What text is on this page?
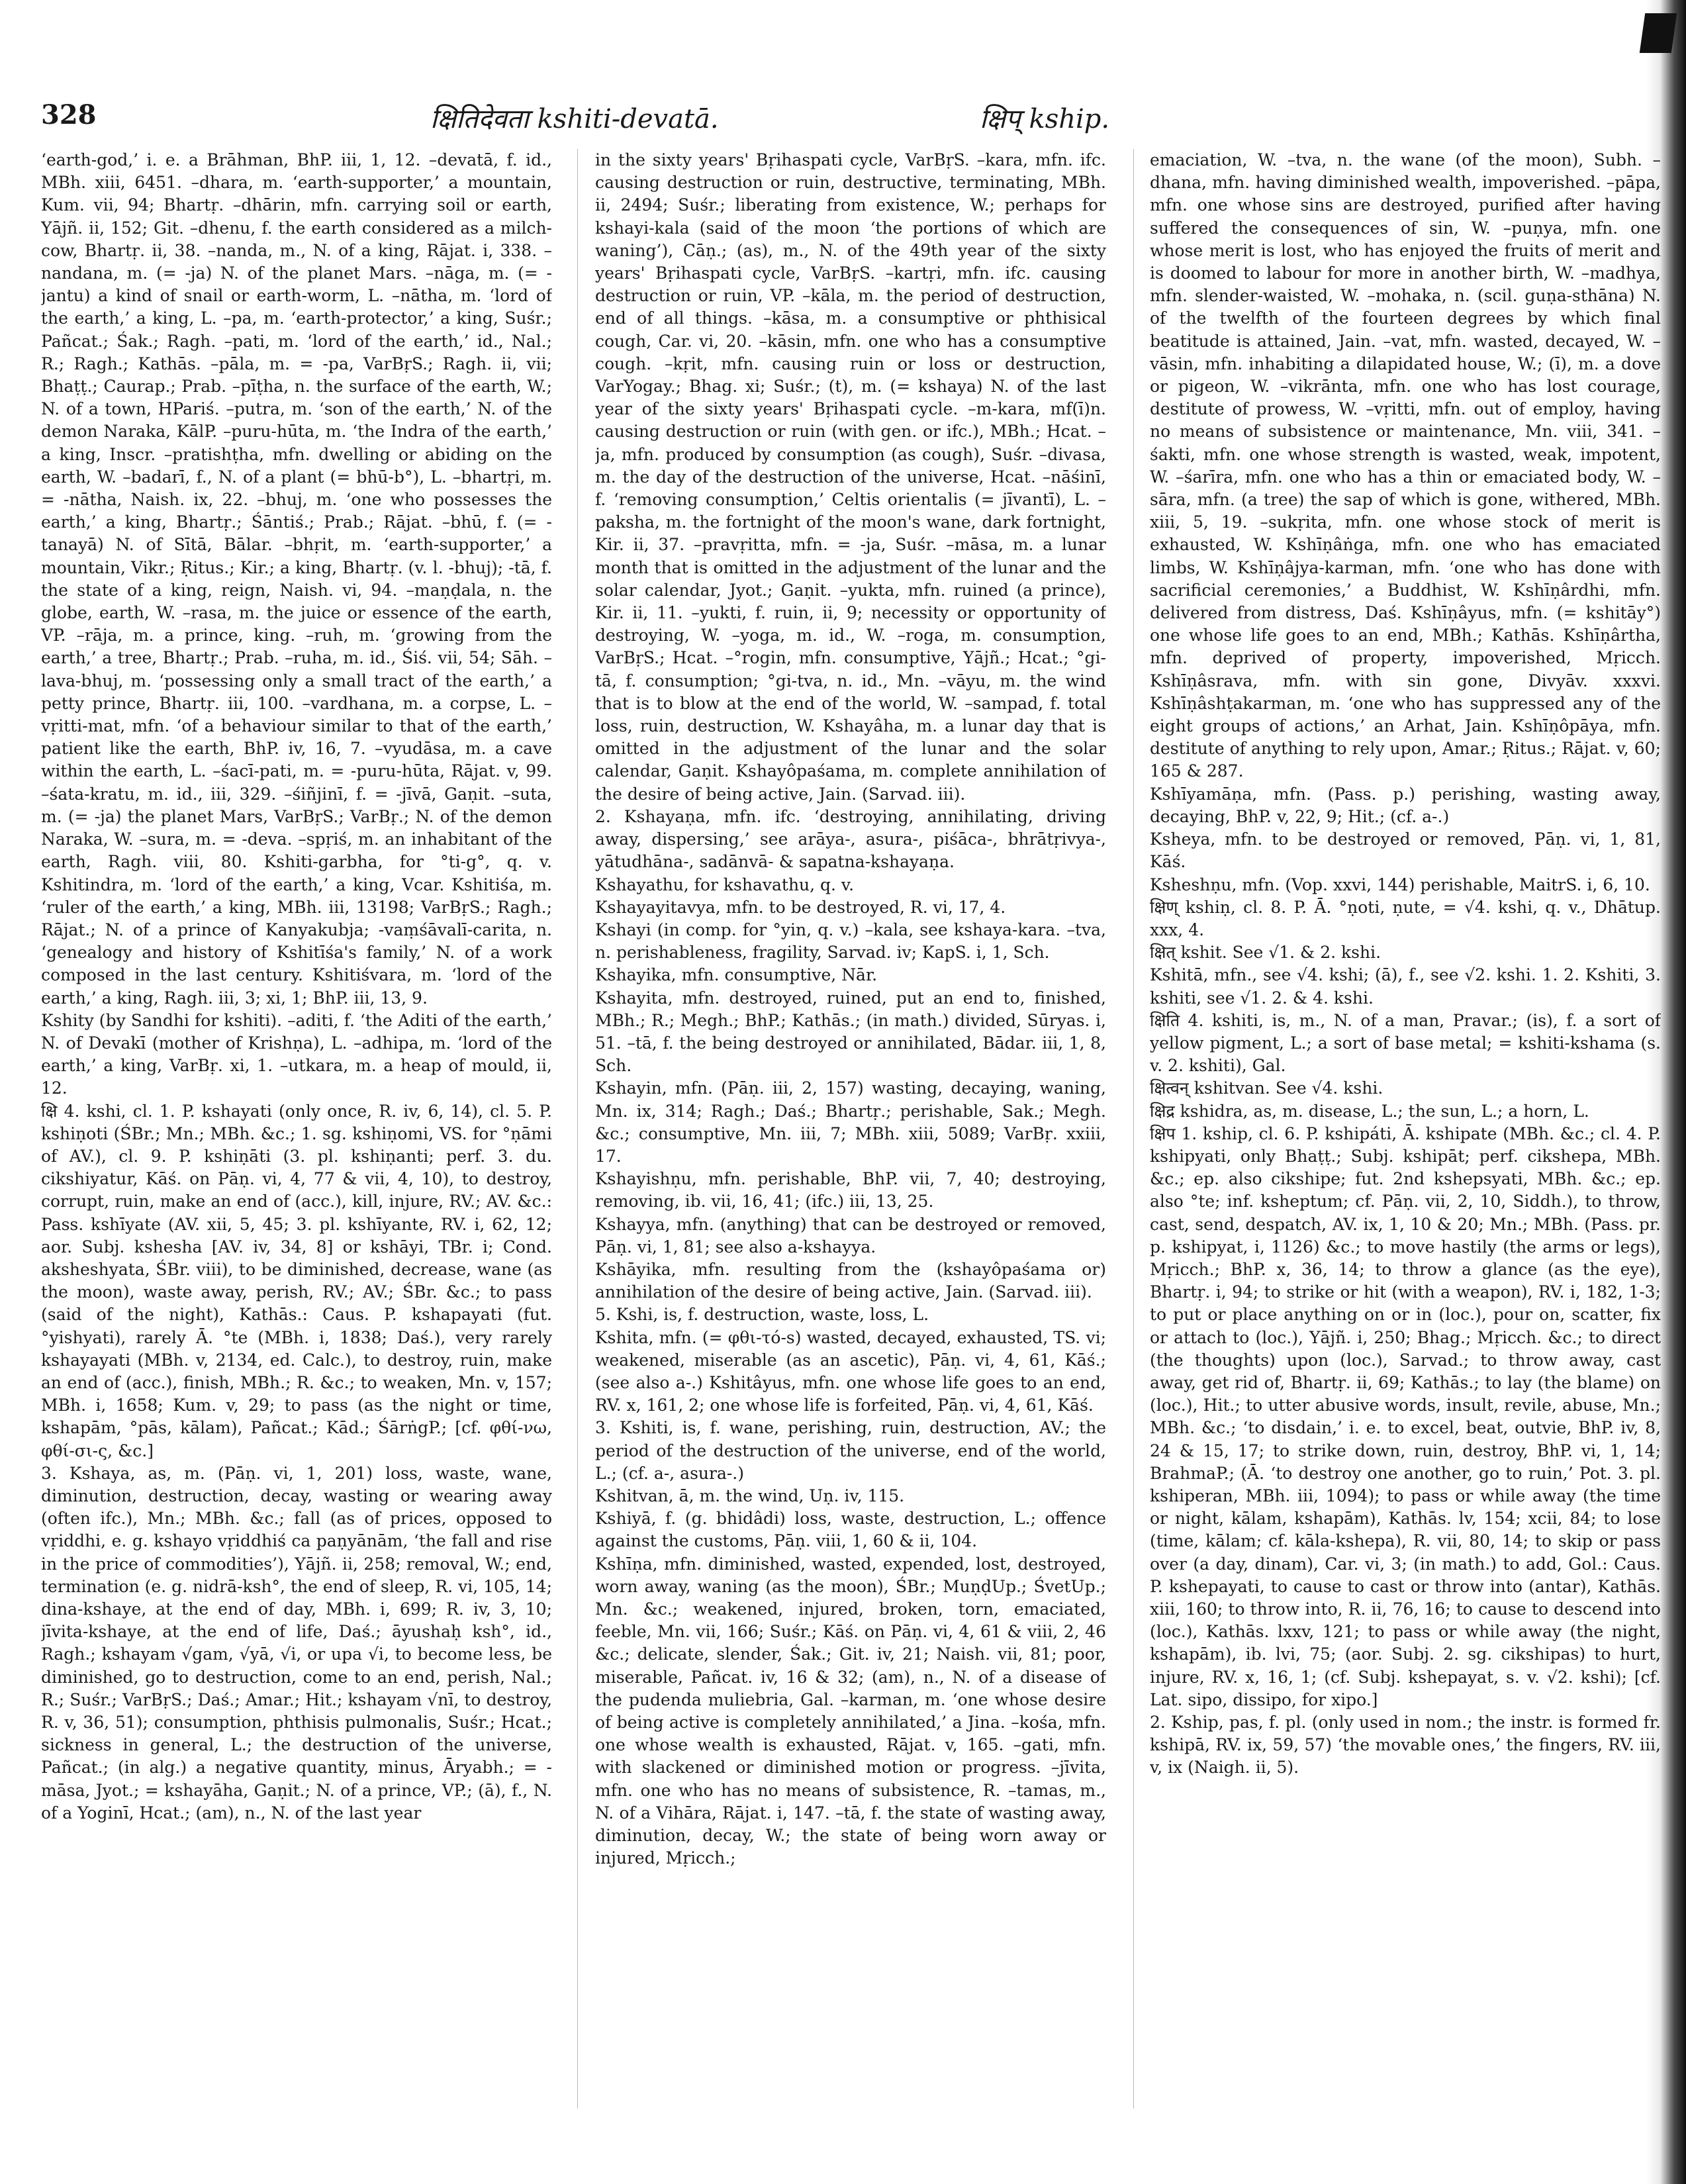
328	क्षितिदेवता kshiti-devatā.	क्षिप् kship.
‘earth-god,’ i. e. a Brāhman, BhP. iii, 1, 12. –devatā, f. id., MBh. xiii, 6451. –dhara, m. ‘earth-supporter,’ a mountain, Kum. vii, 94; Bhartṛ. –dhārin, mfn. carrying soil or earth, Yājñ. ii, 152; Git. –dhenu, f. the earth considered as a milch-cow, Bhartṛ. ii, 38. –nanda, m., N. of a king, Rājat. i, 338. –nandana, m. (= -ja) N. of the planet Mars. –nāga, m. (= -jantu) a kind of snail or earth-worm, L. –nātha, m. ‘lord of the earth,’ a king, L. –pa, m. ‘earth-protector,’ a king, Suśr.; Pañcat.; Śak.; Ragh. –pati, m. ‘lord of the earth,’ id., Nal.; R.; Ragh.; Kathās. –pāla, m. = -pa, VarBṛS.; Ragh. ii, vii; Bhaṭṭ.; Caurap.; Prab. –pīṭha, n. the surface of the earth, W.; N. of a town, HPariś. –putra, m. ‘son of the earth,’ N. of the demon Naraka, KālP. –puru-hūta, m. ‘the Indra of the earth,’ a king, Inscr. –pratishṭha, mfn. dwelling or abiding on the earth, W. –badarī, f., N. of a plant (= bhū-b°), L. –bhartṛi, m. = -nātha, Naish. ix, 22. –bhuj, m. ‘one who possesses the earth,’ a king, Bhartṛ.; Śāntiś.; Prab.; Rājat. –bhū, f. (= -tanayā) N. of Sītā, Bālar. –bhṛit, m. ‘earth-supporter,’ a mountain, Vikr.; Ṛitus.; Kir.; a king, Bhartṛ. (v. l. -bhuj); -tā, f. the state of a king, reign, Naish. vi, 94. –maṇḍala, n. the globe, earth, W. –rasa, m. the juice or essence of the earth, VP. –rāja, m. a prince, king. –ruh, m. ‘growing from the earth,’ a tree, Bhartṛ.; Prab. –ruha, m. id., Śiś. vii, 54; Sāh. –lava-bhuj, m. ‘possessing only a small tract of the earth,’ a petty prince, Bhartṛ. iii, 100. –vardhana, m. a corpse, L. –vṛitti-mat, mfn. ‘of a behaviour similar to that of the earth,’ patient like the earth, BhP. iv, 16, 7. –vyudāsa, m. a cave within the earth, L. –śacī-pati, m. = -puru-hūta, Rājat. v, 99. –śata-kratu, m. id., iii, 329. –śiñjinī, f. = -jīvā, Gaṇit. –suta, m. (= -ja) the planet Mars, VarBṛS.; VarBṛ.; N. of the demon Naraka, W. –sura, m. = -deva. –spṛiś, m. an inhabitant of the earth, Ragh. viii, 80. Kshiti-garbha, for °ti-g°, q. v. Kshitindra, m. ‘lord of the earth,’ a king, Vcar. Kshitiśa, m. ‘ruler of the earth,’ a king, MBh. iii, 13198; VarBṛS.; Ragh.; Rājat.; N. of a prince of Kanyakubja; -vaṃśāvalī-carita, n. ‘genealogy and history of Kshitīśa's family,’ N. of a work composed in the last century. Kshitiśvara, m. ‘lord of the earth,’ a king, Ragh. iii, 3; xi, 1; BhP. iii, 13, 9.
Kshity (by Sandhi for kshiti). –aditi, f. ‘the Aditi of the earth,’ N. of Devakī (mother of Krishṇa), L. –adhipa, m. ‘lord of the earth,’ a king, VarBṛ. xi, 1. –utkara, m. a heap of mould, ii, 12.
क्षि 4. kshi, cl. 1. P. kshayati (only once, R. iv, 6, 14), cl. 5. P. kshiṇoti (ŚBr.; Mn.; MBh. &c.; 1. sg. kshiṇomi, VS. for °ṇāmi of AV.), cl. 9. P. kshiṇāti (3. pl. kshiṇanti; perf. 3. du. cikshiyatur, Kāś. on Pāṇ. vi, 4, 77 & vii, 4, 10), to destroy, corrupt, ruin, make an end of (acc.), kill, injure, RV.; AV. &c.: Pass. kshīyate (AV. xii, 5, 45; 3. pl. kshīyante, RV. i, 62, 12; aor. Subj. kshesha [AV. iv, 34, 8] or kshāyi, TBr. i; Cond. aksheshyata, ŚBr. viii), to be diminished, decrease, wane (as the moon), waste away, perish, RV.; AV.; ŚBr. &c.; to pass (said of the night), Kathās.: Caus. P. kshapayati (fut. °yishyati), rarely Ā. °te (MBh. i, 1838; Daś.), very rarely kshayayati (MBh. v, 2134, ed. Calc.), to destroy, ruin, make an end of (acc.), finish, MBh.; R. &c.; to weaken, Mn. v, 157; MBh. i, 1658; Kum. v, 29; to pass (as the night or time, kshapām, °pās, kālam), Pañcat.; Kād.; ŚārṅgP.; [cf. φθί-νω, φθί-σι-ς, &c.]
3. Kshaya, as, m. (Pāṇ. vi, 1, 201) loss, waste, wane, diminution, destruction, decay, wasting or wearing away (often ifc.), Mn.; MBh. &c.; fall (as of prices, opposed to vṛiddhi, e. g. kshayo vṛiddhiś ca paṇyānām, ‘the fall and rise in the price of commodities’), Yājñ. ii, 258; removal, W.; end, termination (e. g. nidrā-ksh°, the end of sleep, R. vi, 105, 14; dina-kshaye, at the end of day, MBh. i, 699; R. iv, 3, 10; jīvita-kshaye, at the end of life, Daś.; āyushaḥ ksh°, id., Ragh.; kshayam √gam, √yā, √i, or upa √i, to become less, be diminished, go to destruction, come to an end, perish, Nal.; R.; Suśr.; VarBṛS.; Daś.; Amar.; Hit.; kshayam √nī, to destroy, R. v, 36, 51); consumption, phthisis pulmonalis, Suśr.; Hcat.; sickness in general, L.; the destruction of the universe, Pañcat.; (in alg.) a negative quantity, minus, Āryabh.; = -māsa, Jyot.; = kshayāha, Gaṇit.; N. of a prince, VP.; (ā), f., N. of a Yoginī, Hcat.; (am), n., N. of the last year
in the sixty years' Bṛihaspati cycle, VarBṛS. –kara, mfn. ifc. causing destruction or ruin, destructive, terminating, MBh. ii, 2494; Suśr.; liberating from existence, W.; perhaps for kshayi-kala (said of the moon ‘the portions of which are waning’), Cāṇ.; (as), m., N. of the 49th year of the sixty years' Bṛihaspati cycle, VarBṛS. –kartṛi, mfn. ifc. causing destruction or ruin, VP. –kāla, m. the period of destruction, end of all things. –kāsa, m. a consumptive or phthisical cough, Car. vi, 20. –kāsin, mfn. one who has a consumptive cough. –kṛit, mfn. causing ruin or loss or destruction, VarYogay.; Bhag. xi; Suśr.; (t), m. (= kshaya) N. of the last year of the sixty years' Bṛihaspati cycle. –m-kara, mf(ī)n. causing destruction or ruin (with gen. or ifc.), MBh.; Hcat. –ja, mfn. produced by consumption (as cough), Suśr. –divasa, m. the day of the destruction of the universe, Hcat. –nāśinī, f. ‘removing consumption,’ Celtis orientalis (= jīvantī), L. –paksha, m. the fortnight of the moon's wane, dark fortnight, Kir. ii, 37. –pravṛitta, mfn. = -ja, Suśr. –māsa, m. a lunar month that is omitted in the adjustment of the lunar and the solar calendar, Jyot.; Gaṇit. –yukta, mfn. ruined (a prince), Kir. ii, 11. –yukti, f. ruin, ii, 9; necessity or opportunity of destroying, W. –yoga, m. id., W. –roga, m. consumption, VarBṛS.; Hcat. –°rogin, mfn. consumptive, Yājñ.; Hcat.; °gi-tā, f. consumption; °gi-tva, n. id., Mn. –vāyu, m. the wind that is to blow at the end of the world, W. –sampad, f. total loss, ruin, destruction, W. Kshayâha, m. a lunar day that is omitted in the adjustment of the lunar and the solar calendar, Gaṇit. Kshayôpaśama, m. complete annihilation of the desire of being active, Jain. (Sarvad. iii).
2. Kshayaṇa, mfn. ifc. ‘destroying, annihilating, driving away, dispersing,’ see arāya-, asura-, piśāca-, bhrātṛivya-, yātudhāna-, sadānvā- & sapatna-kshayaṇa.
Kshayathu, for kshavathu, q. v.
Kshayayitavya, mfn. to be destroyed, R. vi, 17, 4.
Kshayi (in comp. for °yin, q. v.) –kala, see kshaya-kara. –tva, n. perishableness, fragility, Sarvad. iv; KapS. i, 1, Sch.
Kshayika, mfn. consumptive, Nār.
Kshayita, mfn. destroyed, ruined, put an end to, finished, MBh.; R.; Megh.; BhP.; Kathās.; (in math.) divided, Sūryas. i, 51. –tā, f. the being destroyed or annihilated, Bādar. iii, 1, 8, Sch.
Kshayin, mfn. (Pāṇ. iii, 2, 157) wasting, decaying, waning, Mn. ix, 314; Ragh.; Daś.; Bhartṛ.; perishable, Sak.; Megh. &c.; consumptive, Mn. iii, 7; MBh. xiii, 5089; VarBṛ. xxiii, 17.
Kshayishṇu, mfn. perishable, BhP. vii, 7, 40; destroying, removing, ib. vii, 16, 41; (ifc.) iii, 13, 25.
Kshayya, mfn. (anything) that can be destroyed or removed, Pāṇ. vi, 1, 81; see also a-kshayya.
Kshāyika, mfn. resulting from the (kshayôpaśama or) annihilation of the desire of being active, Jain. (Sarvad. iii).
5. Kshi, is, f. destruction, waste, loss, L.
Kshita, mfn. (= φθι-τό-s) wasted, decayed, exhausted, TS. vi; weakened, miserable (as an ascetic), Pāṇ. vi, 4, 61, Kāś.; (see also a-.) Kshitâyus, mfn. one whose life goes to an end, RV. x, 161, 2; one whose life is forfeited, Pāṇ. vi, 4, 61, Kāś.
3. Kshiti, is, f. wane, perishing, ruin, destruction, AV.; the period of the destruction of the universe, end of the world, L.; (cf. a-, asura-.)
Kshitvan, ā, m. the wind, Uṇ. iv, 115.
Kshiyā, f. (g. bhidâdi) loss, waste, destruction, L.; offence against the customs, Pāṇ. viii, 1, 60 & ii, 104.
Kshīṇa, mfn. diminished, wasted, expended, lost, destroyed, worn away, waning (as the moon), ŚBr.; MuṇḍUp.; ŚvetUp.; Mn. &c.; weakened, injured, broken, torn, emaciated, feeble, Mn. vii, 166; Suśr.; Kāś. on Pāṇ. vi, 4, 61 & viii, 2, 46 &c.; delicate, slender, Śak.; Git. iv, 21; Naish. vii, 81; poor, miserable, Pañcat. iv, 16 & 32; (am), n., N. of a disease of the pudenda muliebria, Gal. –karman, m. ‘one whose desire of being active is completely annihilated,’ a Jina. –kośa, mfn. one whose wealth is exhausted, Rājat. v, 165. –gati, mfn. with slackened or diminished motion or progress. –jīvita, mfn. one who has no means of subsistence, R. –tamas, m., N. of a Vihāra, Rājat. i, 147. –tā, f. the state of wasting away, diminution, decay, W.; the state of being worn away or injured, Mṛicch.;
emaciation, W. –tva, n. the wane (of the moon), Subh. –dhana, mfn. having diminished wealth, impoverished. –pāpa, mfn. one whose sins are destroyed, purified after having suffered the consequences of sin, W. –puṇya, mfn. one whose merit is lost, who has enjoyed the fruits of merit and is doomed to labour for more in another birth, W. –madhya, mfn. slender-waisted, W. –mohaka, n. (scil. guṇa-sthāna) N. of the twelfth of the fourteen degrees by which final beatitude is attained, Jain. –vat, mfn. wasted, decayed, W. –vāsin, mfn. inhabiting a dilapidated house, W.; (ī), m. a dove or pigeon, W. –vikrānta, mfn. one who has lost courage, destitute of prowess, W. –vṛitti, mfn. out of employ, having no means of subsistence or maintenance, Mn. viii, 341. –śakti, mfn. one whose strength is wasted, weak, impotent, W. –śarīra, mfn. one who has a thin or emaciated body, W. –sāra, mfn. (a tree) the sap of which is gone, withered, MBh. xiii, 5, 19. –sukṛita, mfn. one whose stock of merit is exhausted, W. Kshīṇâṅga, mfn. one who has emaciated limbs, W. Kshīṇâjya-karman, mfn. ‘one who has done with sacrificial ceremonies,’ a Buddhist, W. Kshīṇârdhi, mfn. delivered from distress, Daś. Kshīṇâyus, mfn. (= kshitāy°) one whose life goes to an end, MBh.; Kathās. Kshīṇârtha, mfn. deprived of property, impoverished, Mṛicch. Kshīṇâsrava, mfn. with sin gone, Divyāv. xxxvi. Kshīṇâshṭakarman, m. ‘one who has suppressed any of the eight groups of actions,’ an Arhat, Jain. Kshīṇôpāya, mfn. destitute of anything to rely upon, Amar.; Ṛitus.; Rājat. v, 60; 165 & 287.
Kshīyamāṇa, mfn. (Pass. p.) perishing, wasting away, decaying, BhP. v, 22, 9; Hit.; (cf. a-.)
Ksheya, mfn. to be destroyed or removed, Pāṇ. vi, 1, 81, Kāś.
Ksheshṇu, mfn. (Vop. xxvi, 144) perishable, MaitrS. i, 6, 10.
क्षिण् kshiṇ, cl. 8. P. Ā. °ṇoti, ṇute, = √4. kshi, q. v., Dhātup. xxx, 4.
क्षित् kshit. See √1. & 2. kshi.
Kshitā, mfn., see √4. kshi; (ā), f., see √2. kshi. 1. 2. Kshiti, 3. kshiti, see √1. 2. & 4. kshi.
क्षिति 4. kshiti, is, m., N. of a man, Pravar.; (is), f. a sort of yellow pigment, L.; a sort of base metal; = kshiti-kshama (s. v. 2. kshiti), Gal.
क्षित्वन् kshitvan. See √4. kshi.
क्षिद्र kshidra, as, m. disease, L.; the sun, L.; a horn, L.
क्षिप 1. kship, cl. 6. P. kshipáti, Ā. kshipate (MBh. &c.; cl. 4. P. kshipyati, only Bhaṭṭ.; Subj. kshipāt; perf. cikshepa, MBh. &c.; ep. also cikshipe; fut. 2nd kshepsyati, MBh. &c.; ep. also °te; inf. ksheptum; cf. Pāṇ. vii, 2, 10, Siddh.), to throw, cast, send, despatch, AV. ix, 1, 10 & 20; Mn.; MBh. (Pass. pr. p. kshipyat, i, 1126) &c.; to move hastily (the arms or legs), Mṛicch.; BhP. x, 36, 14; to throw a glance (as the eye), Bhartṛ. i, 94; to strike or hit (with a weapon), RV. i, 182, 1-3; to put or place anything on or in (loc.), pour on, scatter, fix or attach to (loc.), Yājñ. i, 250; Bhag.; Mṛicch. &c.; to direct (the thoughts) upon (loc.), Sarvad.; to throw away, cast away, get rid of, Bhartṛ. ii, 69; Kathās.; to lay (the blame) on (loc.), Hit.; to utter abusive words, insult, revile, abuse, Mn.; MBh. &c.; ‘to disdain,’ i. e. to excel, beat, outvie, BhP. iv, 8, 24 & 15, 17; to strike down, ruin, destroy, BhP. vi, 1, 14; BrahmaP.; (Ā. ‘to destroy one another, go to ruin,’ Pot. 3. pl. kshiperan, MBh. iii, 1094); to pass or while away (the time or night, kālam, kshapām), Kathās. lv, 154; xcii, 84; to lose (time, kālam; cf. kāla-kshepa), R. vii, 80, 14; to skip or pass over (a day, dinam), Car. vi, 3; (in math.) to add, Gol.: Caus. P. kshepayati, to cause to cast or throw into (antar), Kathās. xiii, 160; to throw into, R. ii, 76, 16; to cause to descend into (loc.), Kathās. lxxv, 121; to pass or while away (the night, kshapām), ib. lvi, 75; (aor. Subj. 2. sg. cikshipas) to hurt, injure, RV. x, 16, 1; (cf. Subj. kshepayat, s. v. √2. kshi); [cf. Lat. sipo, dissipo, for xipo.]
2. Kship, pas, f. pl. (only used in nom.; the instr. is formed fr. kshipā, RV. ix, 59, 57) ‘the movable ones,’ the fingers, RV. iii, v, ix (Naigh. ii, 5).
